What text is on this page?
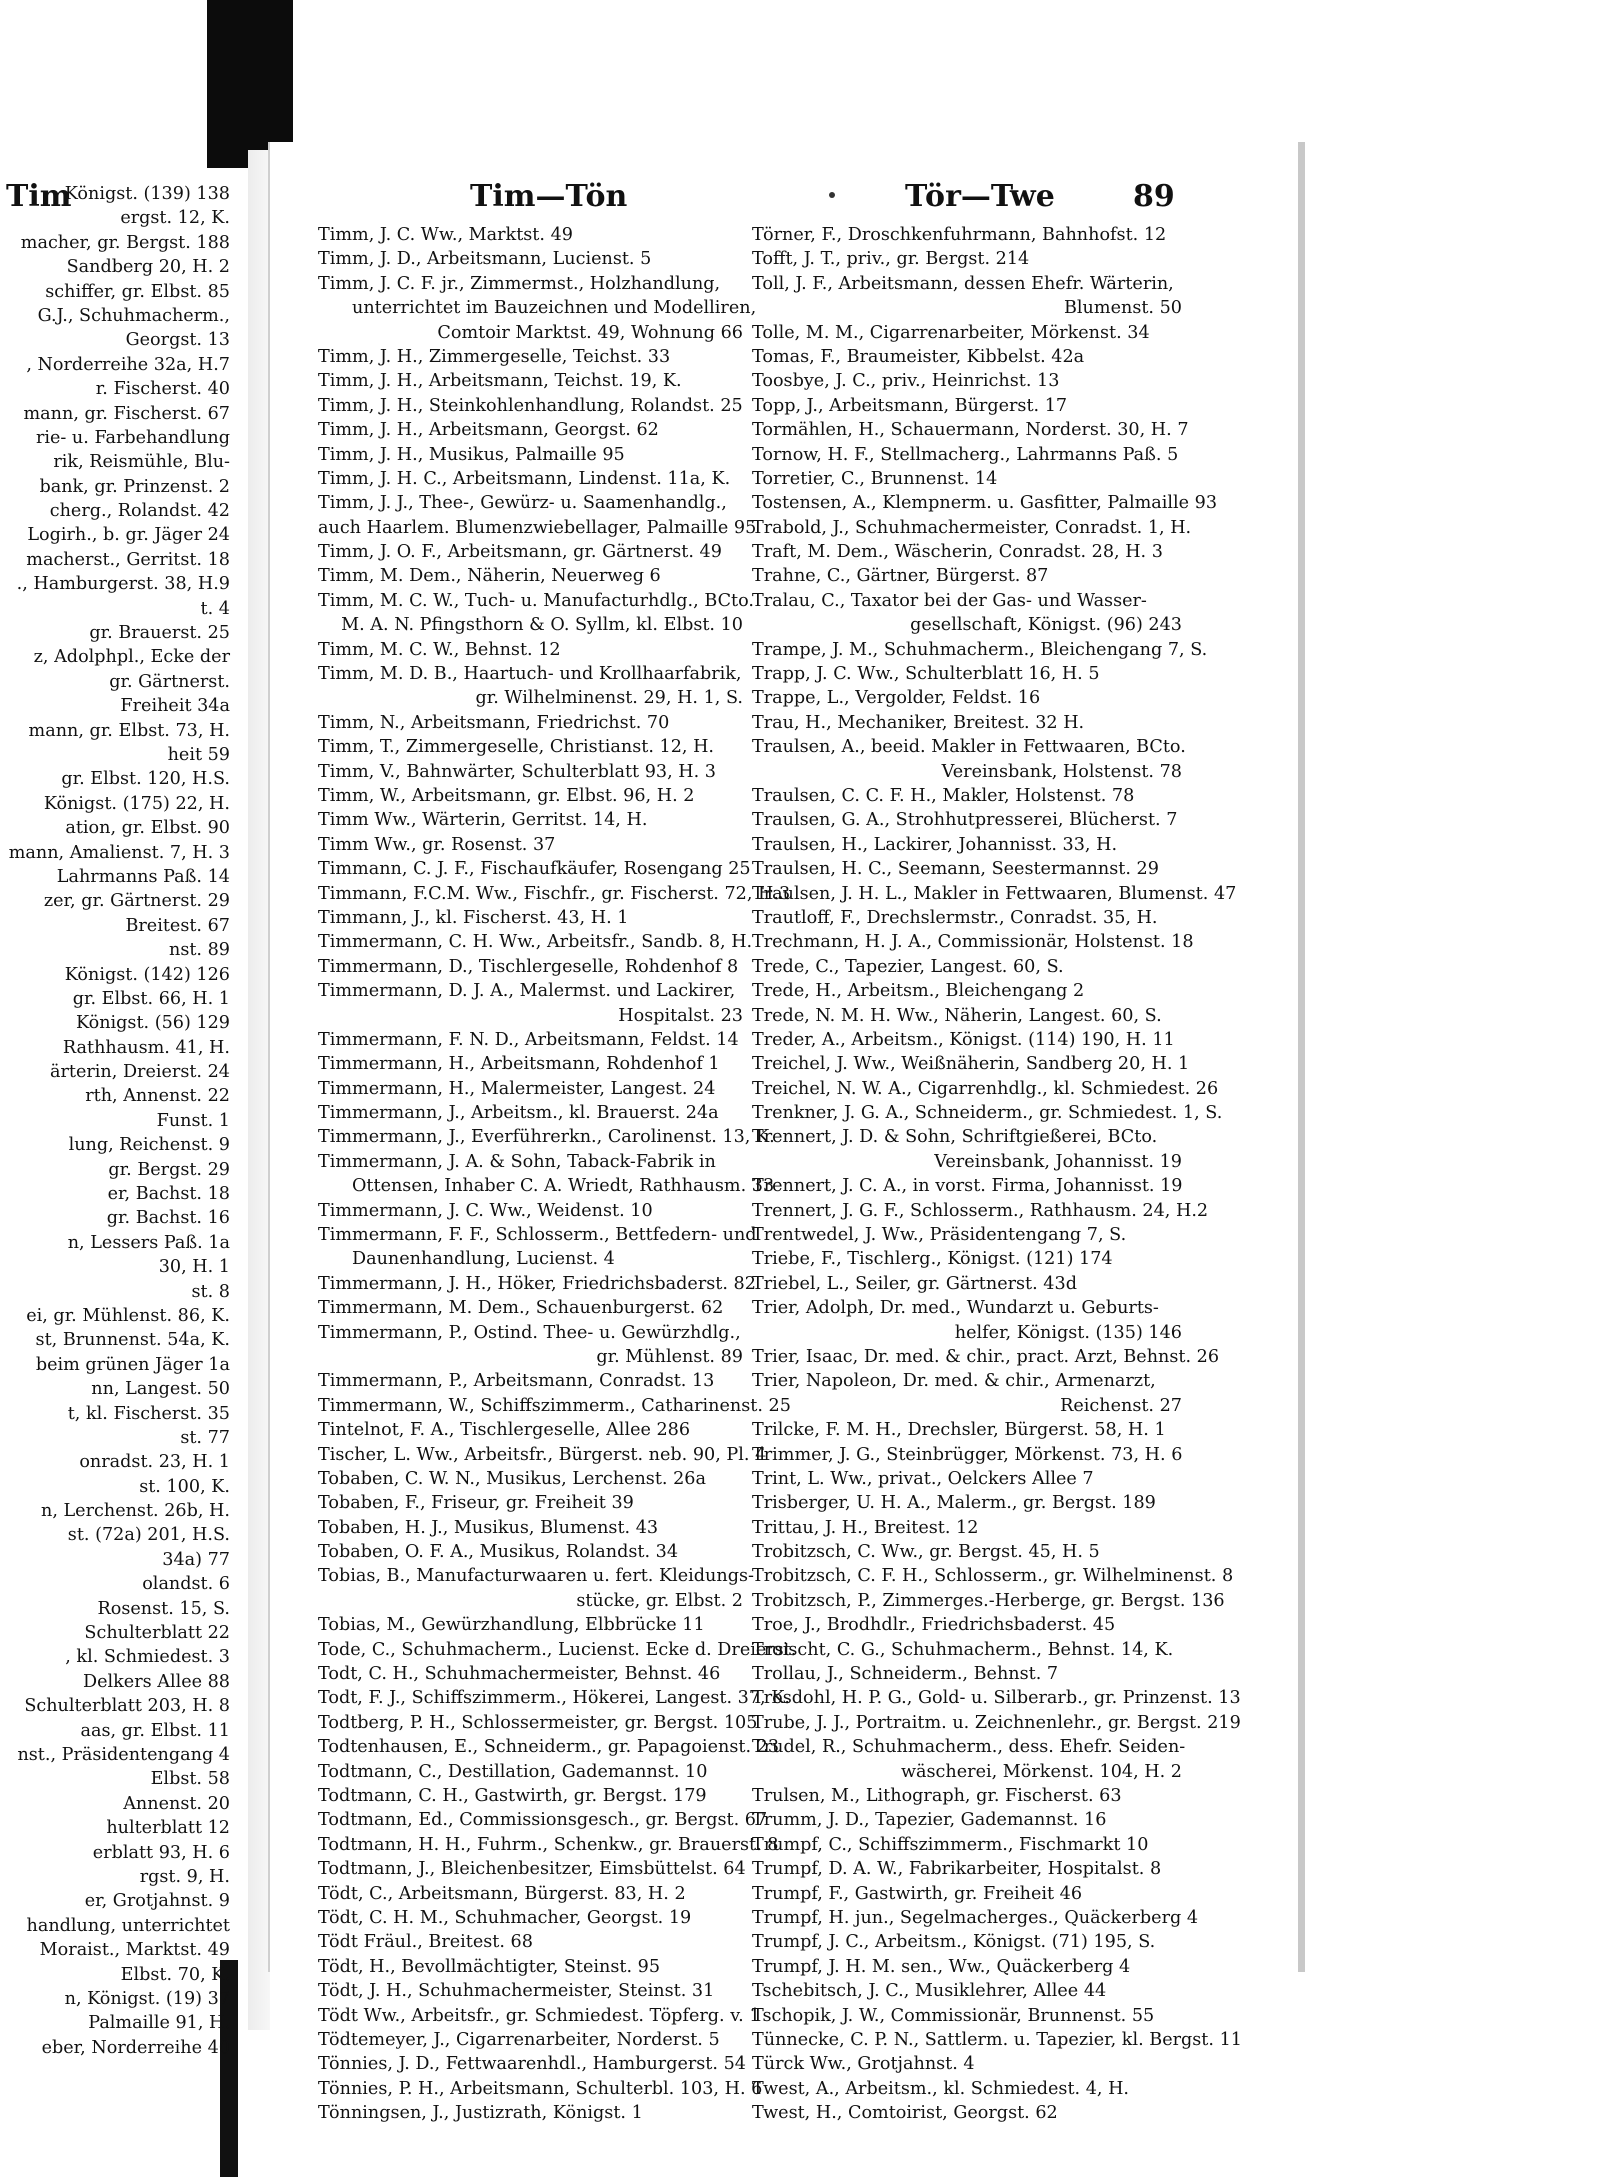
Tim	Tim—Tön	Tör—Twe	89
Königst. (139) 138
ergst. 12, K.
macher, gr. Bergst. 188
Sandberg 20, H. 2
schiffer, gr. Elbst. 85
G.J., Schuhmacherm.,
Georgst. 13
, Norderreihe 32a, H.7
r. Fischerst. 40
mann, gr. Fischerst. 67
rie- u. Farbehandlung
rik, Reismühle, Blu-
bank, gr. Prinzenst. 2
cherg., Rolandst. 42
Logirh., b. gr. Jäger 24
macherst., Gerritst. 18
., Hamburgerst. 38, H.9
t. 4
gr. Brauerst. 25
z, Adolphpl., Ecke der
gr. Gärtnerst.
Freiheit 34a
mann, gr. Elbst. 73, H.
heit 59
gr. Elbst. 120, H.S.
Königst. (175) 22, H.
ation, gr. Elbst. 90
mann, Amalienst. 7, H. 3
Lahrmanns Paß. 14
zer, gr. Gärtnerst. 29
Breitest. 67
nst. 89
Königst. (142) 126
gr. Elbst. 66, H. 1
Königst. (56) 129
Rathhausm. 41, H.
ärterin, Dreierst. 24
rth, Annenst. 22
Funst. 1
lung, Reichenst. 9
gr. Bergst. 29
er, Bachst. 18
gr. Bachst. 16
n, Lessers Paß. 1a
30, H. 1
st. 8
ei, gr. Mühlenst. 86, K.
st, Brunnenst. 54a, K.
beim grünen Jäger 1a
nn, Langest. 50
t, kl. Fischerst. 35
st. 77
onradst. 23, H. 1
st. 100, K.
n, Lerchenst. 26b, H.
st. (72a) 201, H.S.
34a) 77
olandst. 6
Rosenst. 15, S.
Schulterblatt 22
, kl. Schmiedest. 3
Delkers Allee 88
Schulterblatt 203, H. 8
aas, gr. Elbst. 11
nst., Präsidentengang 4
Elbst. 58
Annenst. 20
hulterblatt 12
erblatt 93, H. 6
rgst. 9, H.
er, Grotjahnst. 9
handlung, unterrichtet
Moraist., Marktst. 49
Elbst. 70, K.
n, Königst. (19) 37
Palmaille 91, H.
eber, Norderreihe 40
Timm, J. C. Ww., Marktst. 49
Timm, J. D., Arbeitsmann, Lucienst. 5
Timm, J. C. F. jr., Zimmermst., Holzhandlung,
unterrichtet im Bauzeichnen und Modelliren,
Comtoir Marktst. 49, Wohnung 66
Timm, J. H., Zimmergeselle, Teichst. 33
Timm, J. H., Arbeitsmann, Teichst. 19, K.
Timm, J. H., Steinkohlenhandlung, Rolandst. 25
Timm, J. H., Arbeitsmann, Georgst. 62
Timm, J. H., Musikus, Palmaille 95
Timm, J. H. C., Arbeitsmann, Lindenst. 11a, K.
Timm, J. J., Thee-, Gewürz- u. Saamenhandlg.,
auch Haarlem. Blumenzwiebellager, Palmaille 95
Timm, J. O. F., Arbeitsmann, gr. Gärtnerst. 49
Timm, M. Dem., Näherin, Neuerweg 6
Timm, M. C. W., Tuch- u. Manufacturhdlg., BCto.
M. A. N. Pfingsthorn & O. Syllm, kl. Elbst. 10
Timm, M. C. W., Behnst. 12
Timm, M. D. B., Haartuch- und Krollhaarfabrik,
gr. Wilhelminenst. 29, H. 1, S.
Timm, N., Arbeitsmann, Friedrichst. 70
Timm, T., Zimmergeselle, Christianst. 12, H.
Timm, V., Bahnwärter, Schulterblatt 93, H. 3
Timm, W., Arbeitsmann, gr. Elbst. 96, H. 2
Timm Ww., Wärterin, Gerritst. 14, H.
Timm Ww., gr. Rosenst. 37
Timmann, C. J. F., Fischaufkäufer, Rosengang 25
Timmann, F.C.M. Ww., Fischfr., gr. Fischerst. 72, H.3
Timmann, J., kl. Fischerst. 43, H. 1
Timmermann, C. H. Ww., Arbeitsfr., Sandb. 8, H.
Timmermann, D., Tischlergeselle, Rohdenhof 8
Timmermann, D. J. A., Malermst. und Lackirer,
Hospitalst. 23
Timmermann, F. N. D., Arbeitsmann, Feldst. 14
Timmermann, H., Arbeitsmann, Rohdenhof 1
Timmermann, H., Malermeister, Langest. 24
Timmermann, J., Arbeitsm., kl. Brauerst. 24a
Timmermann, J., Everführerkn., Carolinenst. 13, K.
Timmermann, J. A. & Sohn, Taback-Fabrik in
Ottensen, Inhaber C. A. Wriedt, Rathhausm. 33
Timmermann, J. C. Ww., Weidenst. 10
Timmermann, F. F., Schlosserm., Bettfedern- und
Daunenhandlung, Lucienst. 4
Timmermann, J. H., Höker, Friedrichsbaderst. 82
Timmermann, M. Dem., Schauenburgerst. 62
Timmermann, P., Ostind. Thee- u. Gewürzhdlg.,
gr. Mühlenst. 89
Timmermann, P., Arbeitsmann, Conradst. 13
Timmermann, W., Schiffszimmerm., Catharinenst. 25
Tintelnot, F. A., Tischlergeselle, Allee 286
Tischer, L. Ww., Arbeitsfr., Bürgerst. neb. 90, Pl. 4
Tobaben, C. W. N., Musikus, Lerchenst. 26a
Tobaben, F., Friseur, gr. Freiheit 39
Tobaben, H. J., Musikus, Blumenst. 43
Tobaben, O. F. A., Musikus, Rolandst. 34
Tobias, B., Manufacturwaaren u. fert. Kleidungs-
stücke, gr. Elbst. 2
Tobias, M., Gewürzhandlung, Elbbrücke 11
Tode, C., Schuhmacherm., Lucienst. Ecke d. Dreierst.
Todt, C. H., Schuhmachermeister, Behnst. 46
Todt, F. J., Schiffszimmerm., Hökerei, Langest. 37, K.
Todtberg, P. H., Schlossermeister, gr. Bergst. 105
Todtenhausen, E., Schneiderm., gr. Papagoienst. 23
Todtmann, C., Destillation, Gademannst. 10
Todtmann, C. H., Gastwirth, gr. Bergst. 179
Todtmann, Ed., Commissionsgesch., gr. Bergst. 67
Todtmann, H. H., Fuhrm., Schenkw., gr. Brauerst. 8
Todtmann, J., Bleichenbesitzer, Eimsbüttelst. 64
Tödt, C., Arbeitsmann, Bürgerst. 83, H. 2
Tödt, C. H. M., Schuhmacher, Georgst. 19
Tödt Fräul., Breitest. 68
Tödt, H., Bevollmächtigter, Steinst. 95
Tödt, J. H., Schuhmachermeister, Steinst. 31
Tödt Ww., Arbeitsfr., gr. Schmiedest. Töpferg. v. 1
Tödtemeyer, J., Cigarrenarbeiter, Norderst. 5
Tönnies, J. D., Fettwaarenhdl., Hamburgerst. 54
Tönnies, P. H., Arbeitsmann, Schulterbl. 103, H. 6
Tönningsen, J., Justizrath, Königst. 1
Törner, F., Droschkenfuhrmann, Bahnhofst. 12
Tofft, J. T., priv., gr. Bergst. 214
Toll, J. F., Arbeitsmann, dessen Ehefr. Wärterin,
Blumenst. 50
Tolle, M. M., Cigarrenarbeiter, Mörkenst. 34
Tomas, F., Braumeister, Kibbelst. 42a
Toosbye, J. C., priv., Heinrichst. 13
Topp, J., Arbeitsmann, Bürgerst. 17
Tormählen, H., Schauermann, Norderst. 30, H. 7
Tornow, H. F., Stellmacherg., Lahrmanns Paß. 5
Torretier, C., Brunnenst. 14
Tostensen, A., Klempnerm. u. Gasfitter, Palmaille 93
Trabold, J., Schuhmachermeister, Conradst. 1, H.
Traft, M. Dem., Wäscherin, Conradst. 28, H. 3
Trahne, C., Gärtner, Bürgerst. 87
Tralau, C., Taxator bei der Gas- und Wasser-
gesellschaft, Königst. (96) 243
Trampe, J. M., Schuhmacherm., Bleichengang 7, S.
Trapp, J. C. Ww., Schulterblatt 16, H. 5
Trappe, L., Vergolder, Feldst. 16
Trau, H., Mechaniker, Breitest. 32 H.
Traulsen, A., beeid. Makler in Fettwaaren, BCto.
Vereinsbank, Holstenst. 78
Traulsen, C. C. F. H., Makler, Holstenst. 78
Traulsen, G. A., Strohhutpresserei, Blücherst. 7
Traulsen, H., Lackirer, Johannisst. 33, H.
Traulsen, H. C., Seemann, Seestermannst. 29
Traulsen, J. H. L., Makler in Fettwaaren, Blumenst. 47
Trautloff, F., Drechslermstr., Conradst. 35, H.
Trechmann, H. J. A., Commissionär, Holstenst. 18
Trede, C., Tapezier, Langest. 60, S.
Trede, H., Arbeitsm., Bleichengang 2
Trede, N. M. H. Ww., Näherin, Langest. 60, S.
Treder, A., Arbeitsm., Königst. (114) 190, H. 11
Treichel, J. Ww., Weißnäherin, Sandberg 20, H. 1
Treichel, N. W. A., Cigarrenhdlg., kl. Schmiedest. 26
Trenkner, J. G. A., Schneiderm., gr. Schmiedest. 1, S.
Trennert, J. D. & Sohn, Schriftgießerei, BCto.
Vereinsbank, Johannisst. 19
Trennert, J. C. A., in vorst. Firma, Johannisst. 19
Trennert, J. G. F., Schlosserm., Rathhausm. 24, H.2
Trentwedel, J. Ww., Präsidentengang 7, S.
Triebe, F., Tischlerg., Königst. (121) 174
Triebel, L., Seiler, gr. Gärtnerst. 43d
Trier, Adolph, Dr. med., Wundarzt u. Geburts-
helfer, Königst. (135) 146
Trier, Isaac, Dr. med. & chir., pract. Arzt, Behnst. 26
Trier, Napoleon, Dr. med. & chir., Armenarzt,
Reichenst. 27
Trilcke, F. M. H., Drechsler, Bürgerst. 58, H. 1
Trimmer, J. G., Steinbrügger, Mörkenst. 73, H. 6
Trint, L. Ww., privat., Oelckers Allee 7
Trisberger, U. H. A., Malerm., gr. Bergst. 189
Trittau, J. H., Breitest. 12
Trobitzsch, C. Ww., gr. Bergst. 45, H. 5
Trobitzsch, C. F. H., Schlosserm., gr. Wilhelminenst. 8
Trobitzsch, P., Zimmerges.-Herberge, gr. Bergst. 136
Troe, J., Brodhdlr., Friedrichsbaderst. 45
Troischt, C. G., Schuhmacherm., Behnst. 14, K.
Trollau, J., Schneiderm., Behnst. 7
Trosdohl, H. P. G., Gold- u. Silberarb., gr. Prinzenst. 13
Trube, J. J., Portraitm. u. Zeichnenlehr., gr. Bergst. 219
Trudel, R., Schuhmacherm., dess. Ehefr. Seiden-
wäscherei, Mörkenst. 104, H. 2
Trulsen, M., Lithograph, gr. Fischerst. 63
Trumm, J. D., Tapezier, Gademannst. 16
Trumpf, C., Schiffszimmerm., Fischmarkt 10
Trumpf, D. A. W., Fabrikarbeiter, Hospitalst. 8
Trumpf, F., Gastwirth, gr. Freiheit 46
Trumpf, H. jun., Segelmacherges., Quäckerberg 4
Trumpf, J. C., Arbeitsm., Königst. (71) 195, S.
Trumpf, J. H. M. sen., Ww., Quäckerberg 4
Tschebitsch, J. C., Musiklehrer, Allee 44
Tschopik, J. W., Commissionär, Brunnenst. 55
Tünnecke, C. P. N., Sattlerm. u. Tapezier, kl. Bergst. 11
Türck Ww., Grotjahnst. 4
Twest, A., Arbeitsm., kl. Schmiedest. 4, H.
Twest, H., Comtoirist, Georgst. 62
